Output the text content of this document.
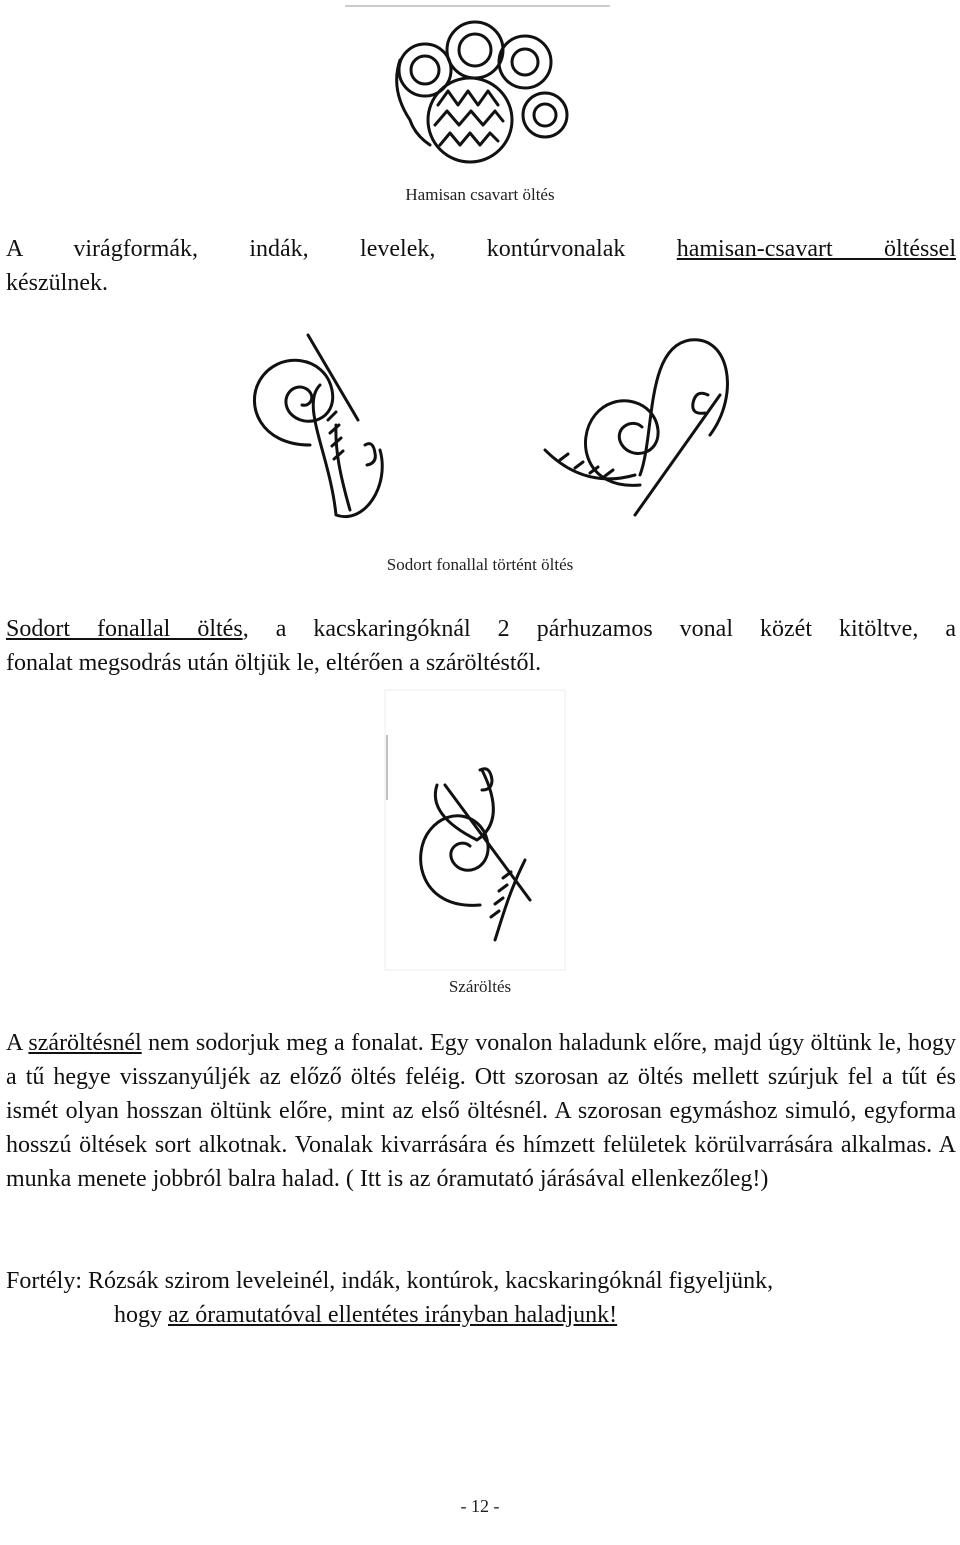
Hamisan csavart öltés
A virágformák, indák, levelek, kontúrvonalak hamisan-csavart öltéssel
készülnek.
Sodort fonallal történt öltés
Sodort fonallal öltés, a kacskaringóknál 2 párhuzamos vonal közét kitöltve, a
fonalat megsodrás után öltjük le, eltérően a száröltéstől.
Száröltés
A száröltésnél nem sodorjuk meg a fonalat. Egy vonalon haladunk előre, majd úgy öltünk le, hogy a tű hegye visszanyúljék az előző öltés feléig. Ott szorosan az öltés mellett szúrjuk fel a tűt és ismét olyan hosszan öltünk előre, mint az első öltésnél. A szorosan egymáshoz simuló, egyforma hosszú öltések sort alkotnak. Vonalak kivarrására és hímzett felületek körülvarrására alkalmas. A munka menete jobbról balra halad. ( Itt is az óramutató járásával ellenkezőleg!)
Fortély: Rózsák szirom leveleinél, indák, kontúrok, kacskaringóknál figyeljünk,
hogy az óramutatóval ellentétes irányban haladjunk!
- 12 -
